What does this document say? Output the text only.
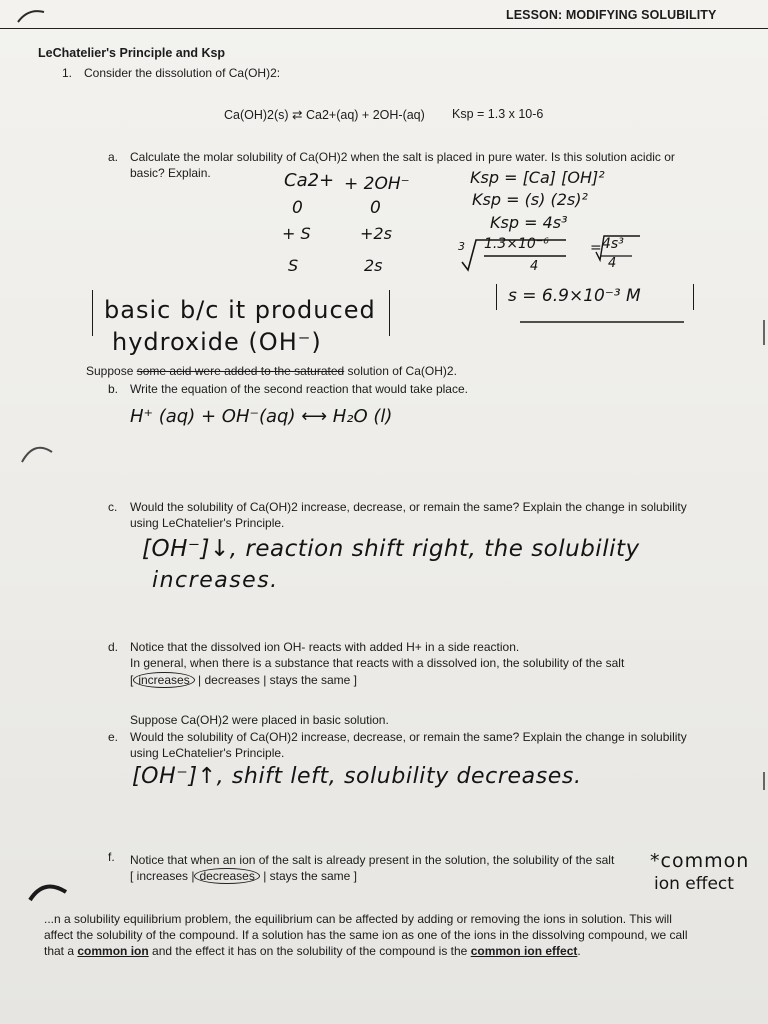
LESSON: MODIFYING SOLUBILITY
LeChatelier's Principle and Ksp
1. Consider the dissolution of Ca(OH)2:
Ca(OH)2(s) ⇄ Ca2+(aq) + 2OH-(aq) Ksp = 1.3 x 10-6
a. Calculate the molar solubility of Ca(OH)2 when the salt is placed in pure water. Is this solution acidic or
basic? Explain.	Ca2+ + 2OH⁻
0	0
+ S	+2s
S	2s
Ksp = [Ca] [OH]²
Ksp = (s) (2s)²
Ksp = 4s³
3 1.3×10⁻⁶
4
4s³
4
s = 6.9×10⁻³ M
basic b/c it produced
hydroxide (OH⁻)
Suppose some acid were added to the saturated solution of Ca(OH)2.
b. Write the equation of the second reaction that would take place.
H⁺ (aq) + OH⁻(aq) ⟷ H₂O (l)
c. Would the solubility of Ca(OH)2 increase, decrease, or remain the same? Explain the change in solubility
using LeChatelier's Principle.
[OH⁻]↓, reaction shift right, the solubility
increases.
d. Notice that the dissolved ion OH- reacts with added H+ in a side reaction.
In general, when there is a substance that reacts with a dissolved ion, the solubility of the salt
[ increases | decreases | stays the same ]
Suppose Ca(OH)2 were placed in basic solution.
e. Would the solubility of Ca(OH)2 increase, decrease, or remain the same? Explain the change in solubility
using LeChatelier's Principle.
[OH⁻]↑, shift left, solubility decreases.
f. Notice that when an ion of the salt is already present in the solution, the solubility of the salt
[ increases | decreases | stays the same ]
*common
ion effect
...n a solubility equilibrium problem, the equilibrium can be affected by adding or removing the ions in solution. This will
affect the solubility of the compound. If a solution has the same ion as one of the ions in the dissolving compound, we call
that a common ion and the effect it has on the solubility of the compound is the common ion effect.
=
